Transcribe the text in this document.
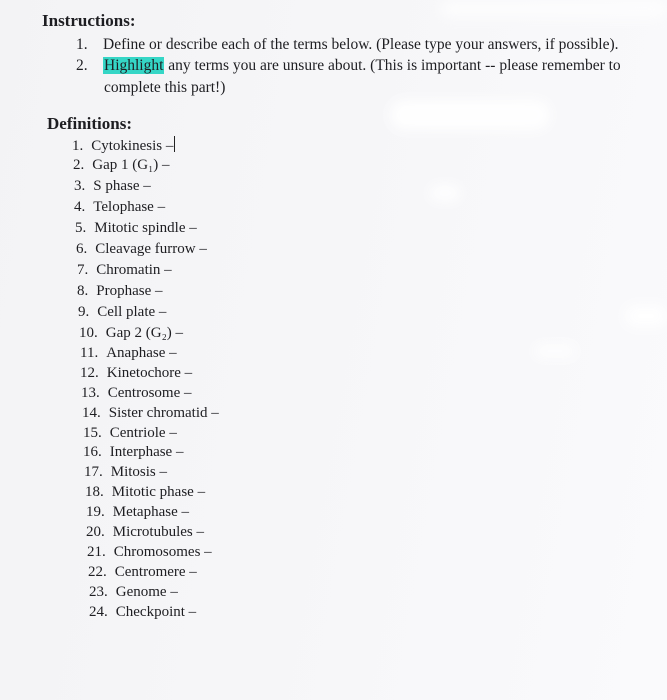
Instructions:
1. Define or describe each of the terms below. (Please type your answers, if possible).
2. Highlight any terms you are unsure about. (This is important -- please remember to
complete this part!)
Definitions:
1. Cytokinesis –
2. Gap 1 (G₁) –
3. S phase –
4. Telophase –
5. Mitotic spindle –
6. Cleavage furrow –
7. Chromatin –
8. Prophase –
9. Cell plate –
10. Gap 2 (G₂) –
11. Anaphase –
12. Kinetochore –
13. Centrosome –
14. Sister chromatid –
15. Centriole –
16. Interphase –
17. Mitosis –
18. Mitotic phase –
19. Metaphase –
20. Microtubules –
21. Chromosomes –
22. Centromere –
23. Genome –
24. Checkpoint –
